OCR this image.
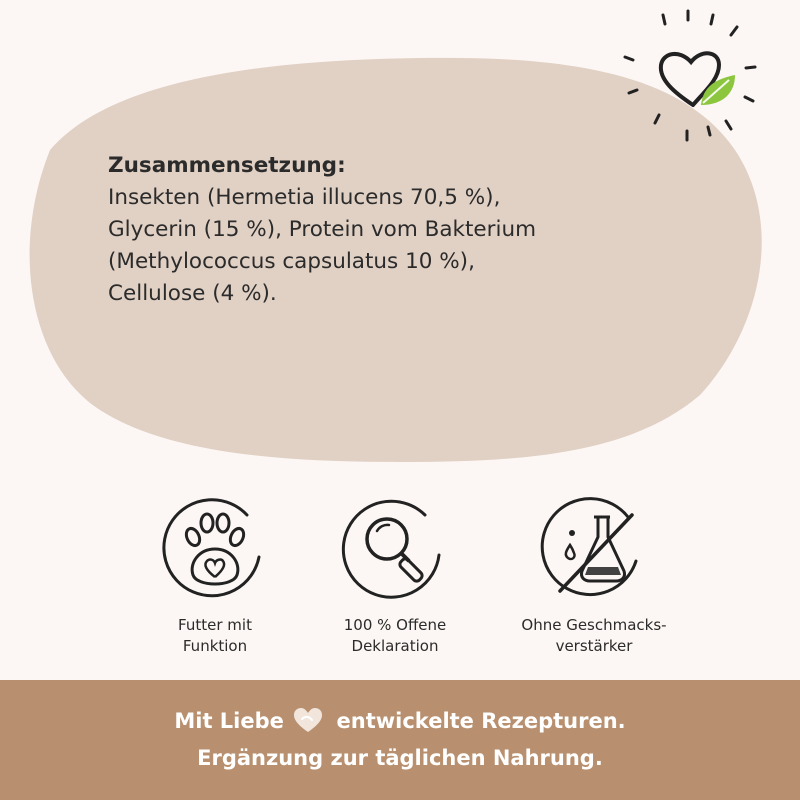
Zusammensetzung:
Insekten (Hermetia illucens 70,5 %),
Glycerin (15 %), Protein vom Bakterium
(Methylococcus capsulatus 10 %),
Cellulose (4 %).
Futter mit
Funktion
100 % Offene
Deklaration
Ohne Geschmacks-
verstärker
Mit Liebe	entwickelte Rezepturen.
Ergänzung zur täglichen Nahrung.
